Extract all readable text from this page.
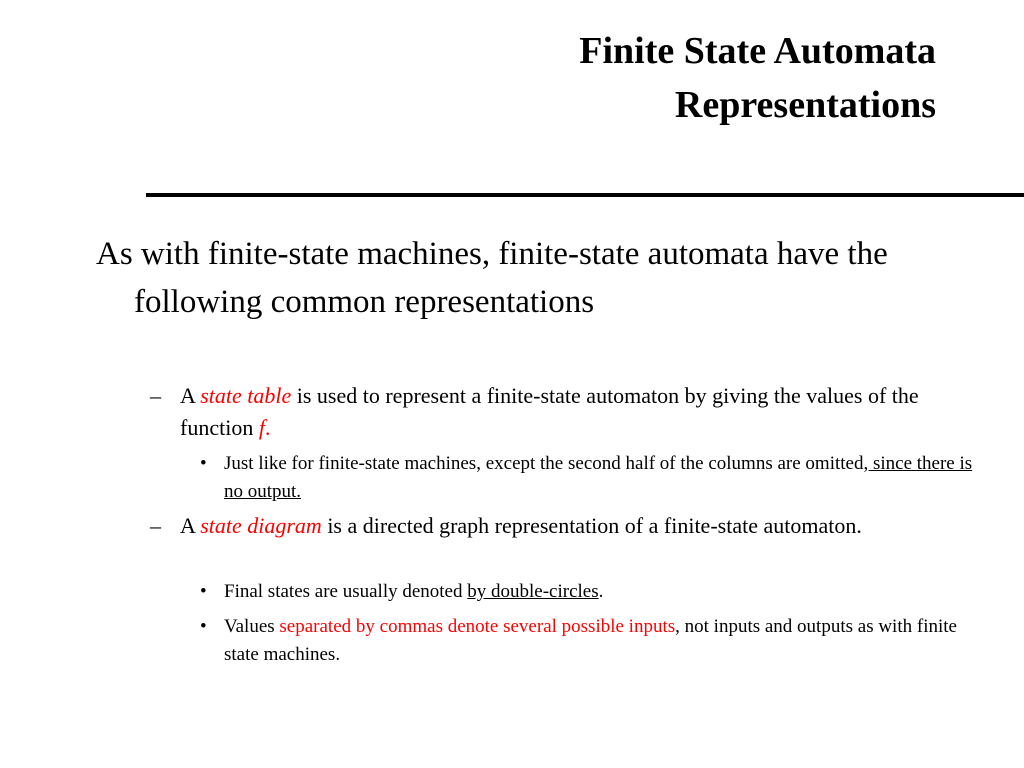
Finite State Automata
Representations
As with finite-state machines, finite-state automata have the following common representations
– A state table is used to represent a finite-state automaton by giving the values of the function f.
• Just like for finite-state machines, except the second half of the columns are omitted, since there is no output.
– A state diagram is a directed graph representation of a finite-state automaton.
• Final states are usually denoted by double-circles.
• Values separated by commas denote several possible inputs, not inputs and outputs as with finite state machines.
